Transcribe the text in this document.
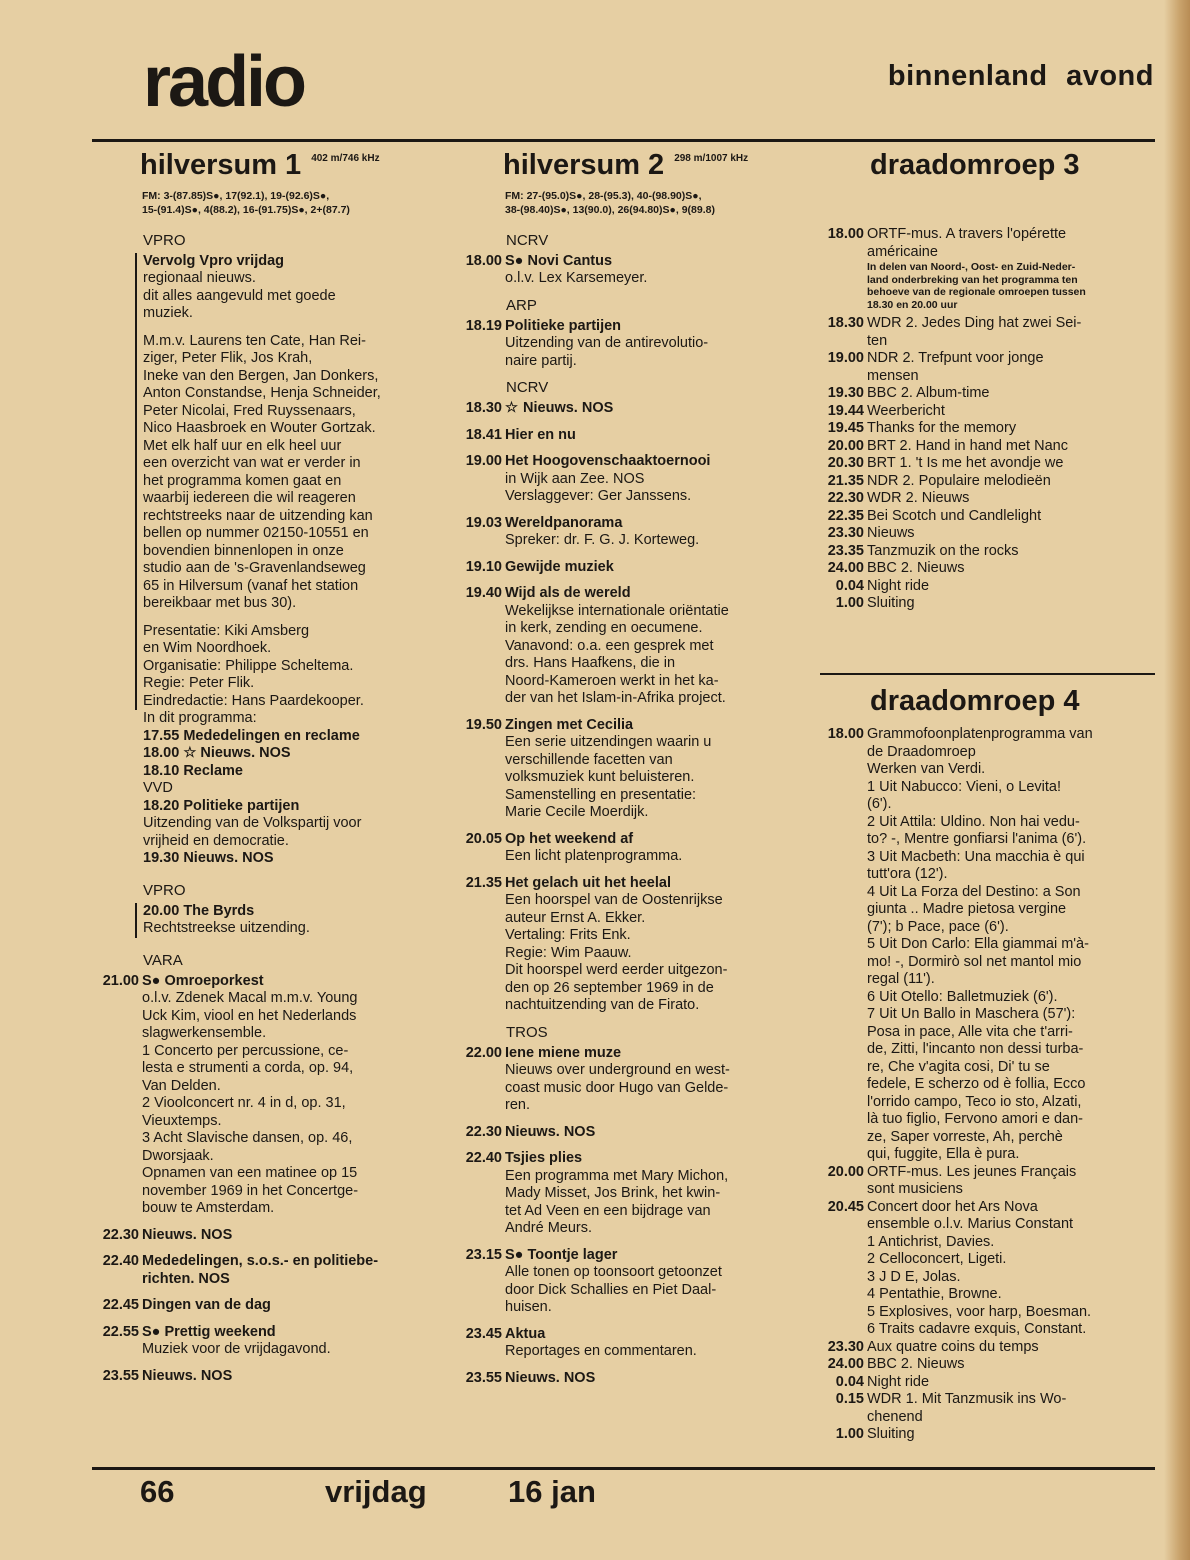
radio	binnenland avond
hilversum 1 $^{402 m/746 kHz}$
FM: 3-(87.85)S●, 17(92.1), 19-(92.6)S●,
15-(91.4)S●, 4(88.2), 16-(91.75)S●, 2+(87.7)
VPRO
Vervolg Vpro vrijdag
regionaal nieuws.
dit alles aangevuld met goede
muziek.
M.m.v. Laurens ten Cate, Han Rei-
ziger, Peter Flik, Jos Krah,
Ineke van den Bergen, Jan Donkers,
Anton Constandse, Henja Schneider,
Peter Nicolai, Fred Ruyssenaars,
Nico Haasbroek en Wouter Gortzak.
Met elk half uur en elk heel uur
een overzicht van wat er verder in
het programma komen gaat en
waarbij iedereen die wil reageren
rechtstreeks naar de uitzending kan
bellen op nummer 02150-10551 en
bovendien binnenlopen in onze
studio aan de 's-Gravenlandseweg
65 in Hilversum (vanaf het station
bereikbaar met bus 30).
Presentatie: Kiki Amsberg
en Wim Noordhoek.
Organisatie: Philippe Scheltema.
Regie: Peter Flik.
Eindredactie: Hans Paardekooper.
In dit programma:
17.55 Mededelingen en reclame
18.00 ☆ Nieuws. NOS
18.10 Reclame
VVD
18.20 Politieke partijen
Uitzending van de Volkspartij voor
vrijheid en democratie.
19.30 Nieuws. NOS
VPRO
20.00 The Byrds
Rechtstreekse uitzending.
VARA
21.00 S● Omroeporkest
o.l.v. Zdenek Macal m.m.v. Young
Uck Kim, viool en het Nederlands
slagwerkensemble.
1 Concerto per percussione, ce-
lesta e strumenti a corda, op. 94,
Van Delden.
2 Vioolconcert nr. 4 in d, op. 31,
Vieuxtemps.
3 Acht Slavische dansen, op. 46,
Dworsjaak.
Opnamen van een matinee op 15
november 1969 in het Concertge-
bouw te Amsterdam.
22.30 Nieuws. NOS
22.40 Mededelingen, s.o.s.- en politiebe-
richten. NOS
22.45 Dingen van de dag
22.55 S● Prettig weekend
Muziek voor de vrijdagavond.
23.55 Nieuws. NOS
hilversum 2 $^{298 m/1007 kHz}$
FM: 27-(95.0)S●, 28-(95.3), 40-(98.90)S●,
38-(98.40)S●, 13(90.0), 26(94.80)S●, 9(89.8)
NCRV
18.00 S● Novi Cantus
o.l.v. Lex Karsemeyer.
ARP
18.19 Politieke partijen
Uitzending van de antirevolutio-
naire partij.
NCRV
18.30 ☆ Nieuws. NOS
18.41 Hier en nu
19.00 Het Hoogovenschaaktoernooi
in Wijk aan Zee. NOS
Verslaggever: Ger Janssens.
19.03 Wereldpanorama
Spreker: dr. F. G. J. Korteweg.
19.10 Gewijde muziek
19.40 Wijd als de wereld
Wekelijkse internationale oriëntatie
in kerk, zending en oecumene.
Vanavond: o.a. een gesprek met
drs. Hans Haafkens, die in
Noord-Kameroen werkt in het ka-
der van het Islam-in-Afrika project.
19.50 Zingen met Cecilia
Een serie uitzendingen waarin u
verschillende facetten van
volksmuziek kunt beluisteren.
Samenstelling en presentatie:
Marie Cecile Moerdijk.
20.05 Op het weekend af
Een licht platenprogramma.
21.35 Het gelach uit het heelal
Een hoorspel van de Oostenrijkse
auteur Ernst A. Ekker.
Vertaling: Frits Enk.
Regie: Wim Paauw.
Dit hoorspel werd eerder uitgezon-
den op 26 september 1969 in de
nachtuitzending van de Firato.
TROS
22.00 Iene miene muze
Nieuws over underground en west-
coast music door Hugo van Gelde-
ren.
22.30 Nieuws. NOS
22.40 Tsjies plies
Een programma met Mary Michon,
Mady Misset, Jos Brink, het kwin-
tet Ad Veen en een bijdrage van
André Meurs.
23.15 S● Toontje lager
Alle tonen op toonsoort getoonzet
door Dick Schallies en Piet Daal-
huisen.
23.45 Aktua
Reportages en commentaren.
23.55 Nieuws. NOS
draadomroep 3
18.00 ORTF-mus. A travers l'opérette
américaine
In delen van Noord-, Oost- en Zuid-Neder-
land onderbreking van het programma ten
behoeve van de regionale omroepen tussen
18.30 en 20.00 uur
18.30 WDR 2. Jedes Ding hat zwei Sei-
ten
19.00 NDR 2. Trefpunt voor jonge
mensen
19.30 BBC 2. Album-time
19.44 Weerbericht
19.45 Thanks for the memory
20.00 BRT 2. Hand in hand met Nanc
20.30 BRT 1. 't Is me het avondje we
21.35 NDR 2. Populaire melodieën
22.30 WDR 2. Nieuws
22.35 Bei Scotch und Candlelight
23.30 Nieuws
23.35 Tanzmuzik on the rocks
24.00 BBC 2. Nieuws
0.04 Night ride
1.00 Sluiting
draadomroep 4
18.00 Grammofoonplatenprogramma van
de Draadomroep
Werken van Verdi.
1 Uit Nabucco: Vieni, o Levita!
(6').
2 Uit Attila: Uldino. Non hai vedu-
to? -, Mentre gonfiarsi l'anima (6').
3 Uit Macbeth: Una macchia è qui
tutt'ora (12').
4 Uit La Forza del Destino: a Son
giunta .. Madre pietosa vergine
(7'); b Pace, pace (6').
5 Uit Don Carlo: Ella giammai m'à-
mo! -, Dormirò sol net mantol mio
regal (11').
6 Uit Otello: Balletmuziek (6').
7 Uit Un Ballo in Maschera (57'):
Posa in pace, Alle vita che t'arri-
de, Zitti, l'incanto non dessi turba-
re, Che v'agita cosi, Di' tu se
fedele, E scherzo od è follia, Ecco
l'orrido campo, Teco io sto, Alzati,
là tuo figlio, Fervono amori e dan-
ze, Saper vorreste, Ah, perchè
qui, fuggite, Ella è pura.
20.00 ORTF-mus. Les jeunes Français
sont musiciens
20.45 Concert door het Ars Nova
ensemble o.l.v. Marius Constant
1 Antichrist, Davies.
2 Celloconcert, Ligeti.
3 J D E, Jolas.
4 Pentathie, Browne.
5 Explosives, voor harp, Boesman.
6 Traits cadavre exquis, Constant.
23.30 Aux quatre coins du temps
24.00 BBC 2. Nieuws
0.04 Night ride
0.15 WDR 1. Mit Tanzmusik ins Wo-
chenend
1.00 Sluiting
66	vrijdag	16 jan
